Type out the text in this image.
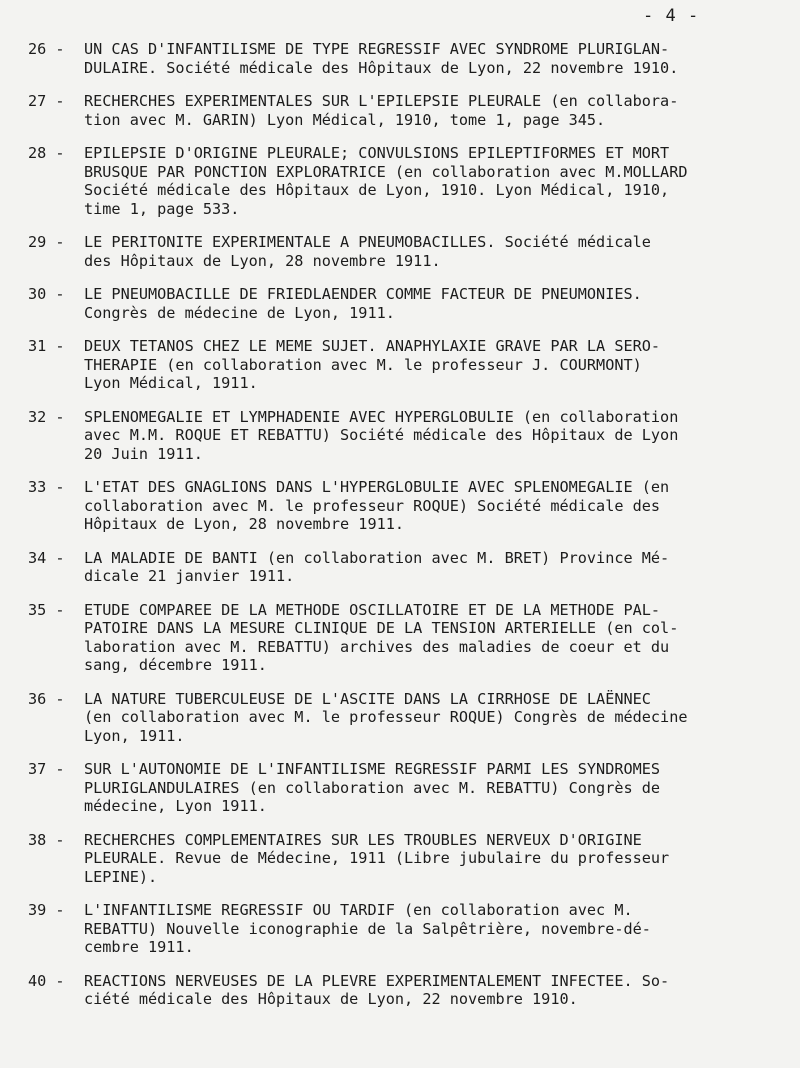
- 4 -
26 -	UN CAS D'INFANTILISME DE TYPE REGRESSIF AVEC SYNDROME PLURIGLAN-
DULAIRE. Société médicale des Hôpitaux de Lyon, 22 novembre 1910.
27 -	RECHERCHES EXPERIMENTALES SUR L'EPILEPSIE PLEURALE (en collabora-
tion avec M. GARIN) Lyon Médical, 1910, tome 1, page 345.
28 -	EPILEPSIE D'ORIGINE PLEURALE; CONVULSIONS EPILEPTIFORMES ET MORT
BRUSQUE PAR PONCTION EXPLORATRICE (en collaboration avec M.MOLLARD
Société médicale des Hôpitaux de Lyon, 1910. Lyon Médical, 1910,
time 1, page 533.
29 -	LE PERITONITE EXPERIMENTALE A PNEUMOBACILLES. Société médicale
des Hôpitaux de Lyon, 28 novembre 1911.
30 -	LE PNEUMOBACILLE DE FRIEDLAENDER COMME FACTEUR DE PNEUMONIES.
Congrès de médecine de Lyon, 1911.
31 -	DEUX TETANOS CHEZ LE MEME SUJET. ANAPHYLAXIE GRAVE PAR LA SERO-
THERAPIE (en collaboration avec M. le professeur J. COURMONT)
Lyon Médical, 1911.
32 -	SPLENOMEGALIE ET LYMPHADENIE AVEC HYPERGLOBULIE (en collaboration
avec M.M. ROQUE ET REBATTU) Société médicale des Hôpitaux de Lyon
20 Juin 1911.
33 -	L'ETAT DES GNAGLIONS DANS L'HYPERGLOBULIE AVEC SPLENOMEGALIE (en
collaboration avec M. le professeur ROQUE) Société médicale des
Hôpitaux de Lyon, 28 novembre 1911.
34 -	LA MALADIE DE BANTI (en collaboration avec M. BRET) Province Mé-
dicale 21 janvier 1911.
35 -	ETUDE COMPAREE DE LA METHODE OSCILLATOIRE ET DE LA METHODE PAL-
PATOIRE DANS LA MESURE CLINIQUE DE LA TENSION ARTERIELLE (en col-
laboration avec M. REBATTU) archives des maladies de coeur et du
sang, décembre 1911.
36 -	LA NATURE TUBERCULEUSE DE L'ASCITE DANS LA CIRRHOSE DE LAËNNEC
(en collaboration avec M. le professeur ROQUE) Congrès de médecine
Lyon, 1911.
37 -	SUR L'AUTONOMIE DE L'INFANTILISME REGRESSIF PARMI LES SYNDROMES
PLURIGLANDULAIRES (en collaboration avec M. REBATTU) Congrès de
médecine, Lyon 1911.
38 -	RECHERCHES COMPLEMENTAIRES SUR LES TROUBLES NERVEUX D'ORIGINE
PLEURALE. Revue de Médecine, 1911 (Libre jubulaire du professeur
LEPINE).
39 -	L'INFANTILISME REGRESSIF OU TARDIF (en collaboration avec M.
REBATTU) Nouvelle iconographie de la Salpêtrière, novembre-dé-
cembre 1911.
40 -	REACTIONS NERVEUSES DE LA PLEVRE EXPERIMENTALEMENT INFECTEE. So-
ciété médicale des Hôpitaux de Lyon, 22 novembre 1910.
